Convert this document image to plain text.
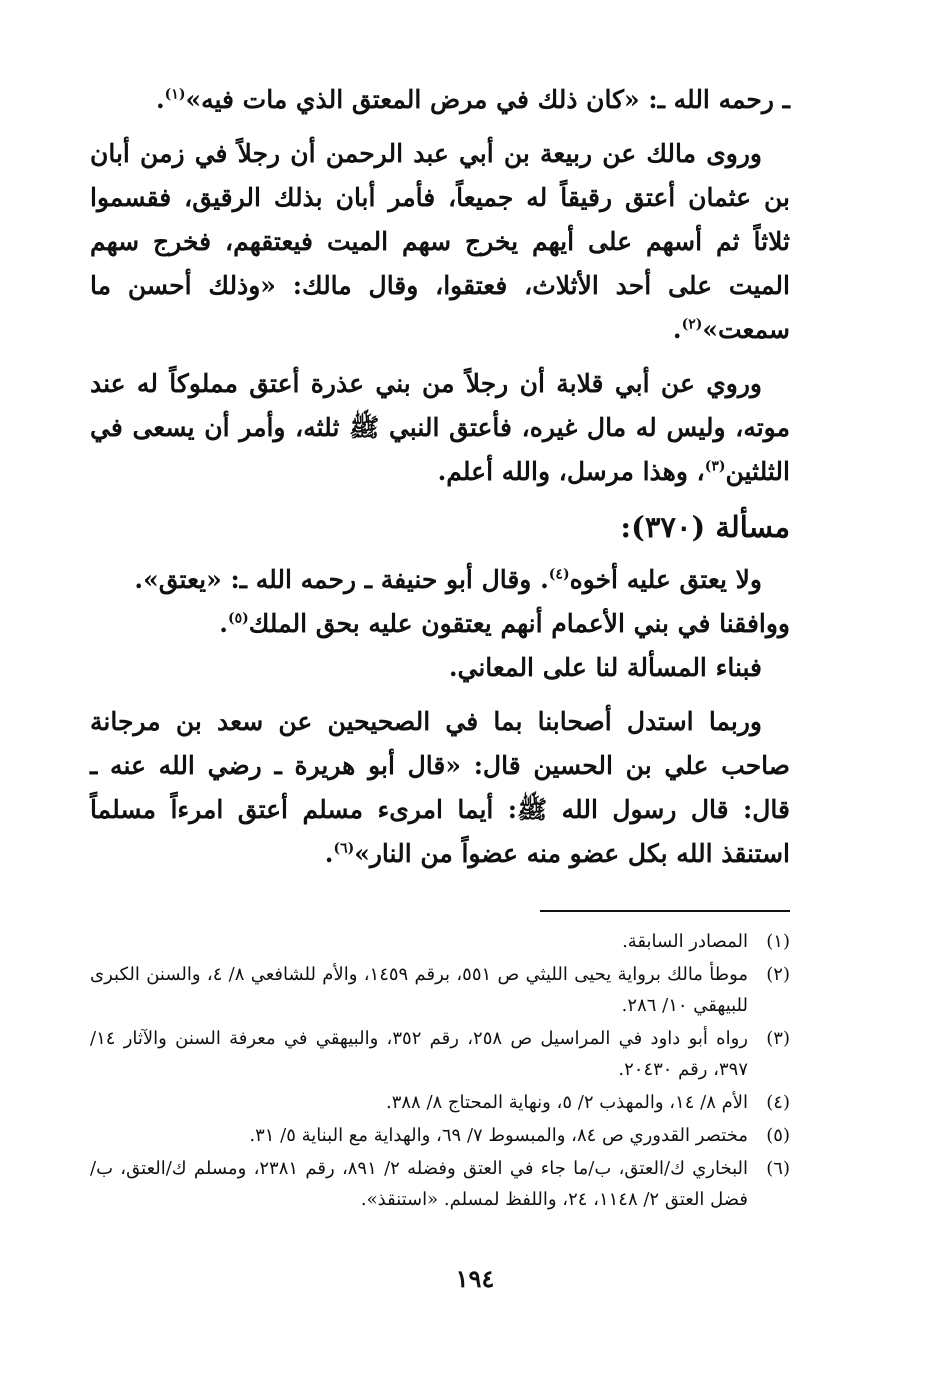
ـ رحمه الله ـ: «كان ذلك في مرض المعتق الذي مات فيه»$^{(١)}$.

وروى مالك عن ربيعة بن أبي عبد الرحمن أن رجلاً في زمن أبان بن عثمان أعتق رقيقاً له جميعاً، فأمر أبان بذلك الرقيق، فقسموا ثلاثاً ثم أسهم على أيهم يخرج سهم الميت فيعتقهم، فخرج سهم الميت على أحد الأثلاث، فعتقوا، وقال مالك: «وذلك أحسن ما سمعت»$^{(٢)}$.

وروي عن أبي قلابة أن رجلاً من بني عذرة أعتق مملوكاً له عند موته، وليس له مال غيره، فأعتق النبي ﷺ ثلثه، وأمر أن يسعى في الثلثين$^{(٣)}$، وهذا مرسل، والله أعلم.

مسألة (٣٧٠):

ولا يعتق عليه أخوه$^{(٤)}$. وقال أبو حنيفة ـ رحمه الله ـ: «يعتق».

ووافقنا في بني الأعمام أنهم يعتقون عليه بحق الملك$^{(٥)}$.

فبناء المسألة لنا على المعاني.

وربما استدل أصحابنا بما في الصحيحين عن سعد بن مرجانة صاحب علي بن الحسين قال: «قال أبو هريرة ـ رضي الله عنه ـ قال: قال رسول الله ﷺ: أيما امرىء مسلم أعتق امرءاً مسلماً استنقذ الله بكل عضو منه عضواً من النار»$^{(٦)}$.

(١)
المصادر السابقة.
(٢)
موطأ مالك برواية يحيى الليثي ص ٥٥١، برقم ١٤٥٩، والأم للشافعي ٨/ ٤، والسنن الكبرى للبيهقي ١٠/ ٢٨٦.
(٣)
رواه أبو داود في المراسيل ص ٢٥٨، رقم ٣٥٢، والبيهقي في معرفة السنن والآثار ١٤/ ٣٩٧، رقم ٢٠٤٣٠.
(٤)
الأم ٨/ ١٤، والمهذب ٢/ ٥، ونهاية المحتاج ٨/ ٣٨٨.
(٥)
مختصر القدوري ص ٨٤، والمبسوط ٧/ ٦٩، والهداية مع البناية ٥/ ٣١.
(٦)
البخاري ك/العتق، ب/ما جاء في العتق وفضله ٢/ ٨٩١، رقم ٢٣٨١، ومسلم ك/العتق، ب/فضل العتق ٢/ ١١٤٨، ٢٤، واللفظ لمسلم. «استنقذ».
١٩٤
